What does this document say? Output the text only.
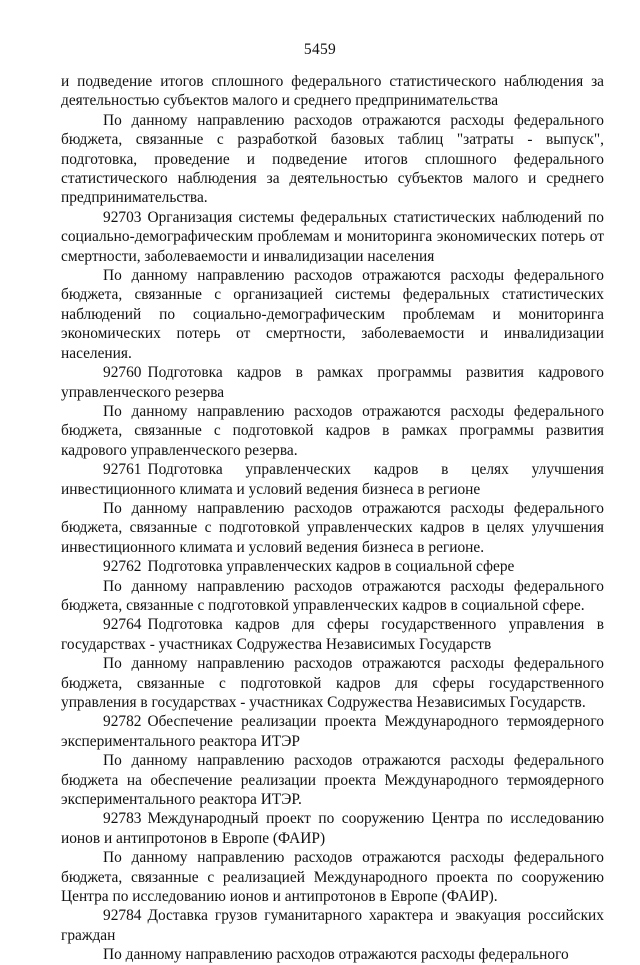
5459

и подведение итогов сплошного федерального статистического наблюдения за деятельностью субъектов малого и среднего предпринимательства

По данному направлению расходов отражаются расходы федерального бюджета, связанные с разработкой базовых таблиц "затраты - выпуск", подготовка, проведение и подведение итогов сплошного федерального статистического наблюдения за деятельностью субъектов малого и среднего предпринимательства.

92703 Организация системы федеральных статистических наблюдений по социально-демографическим проблемам и мониторинга экономических потерь от смертности, заболеваемости и инвалидизации населения

По данному направлению расходов отражаются расходы федерального бюджета, связанные с организацией системы федеральных статистических наблюдений по социально-демографическим проблемам и мониторинга экономических потерь от смертности, заболеваемости и инвалидизации населения.

92760 Подготовка кадров в рамках программы развития кадрового управленческого резерва

По данному направлению расходов отражаются расходы федерального бюджета, связанные с подготовкой кадров в рамках программы развития кадрового управленческого резерва.

92761 Подготовка управленческих кадров в целях улучшения инвестиционного климата и условий ведения бизнеса в регионе

По данному направлению расходов отражаются расходы федерального бюджета, связанные с подготовкой управленческих кадров в целях улучшения инвестиционного климата и условий ведения бизнеса в регионе.

92762 Подготовка управленческих кадров в социальной сфере

По данному направлению расходов отражаются расходы федерального бюджета, связанные с подготовкой управленческих кадров в социальной сфере.

92764 Подготовка кадров для сферы государственного управления в государствах - участниках Содружества Независимых Государств

По данному направлению расходов отражаются расходы федерального бюджета, связанные с подготовкой кадров для сферы государственного управления в государствах - участниках Содружества Независимых Государств.

92782 Обеспечение реализации проекта Международного термоядерного экспериментального реактора ИТЭР

По данному направлению расходов отражаются расходы федерального бюджета на обеспечение реализации проекта Международного термоядерного экспериментального реактора ИТЭР.

92783 Международный проект по сооружению Центра по исследованию ионов и антипротонов в Европе (ФАИР)

По данному направлению расходов отражаются расходы федерального бюджета, связанные с реализацией Международного проекта по сооружению Центра по исследованию ионов и антипротонов в Европе (ФАИР).

92784 Доставка грузов гуманитарного характера и эвакуация российских граждан

По данному направлению расходов отражаются расходы федерального
